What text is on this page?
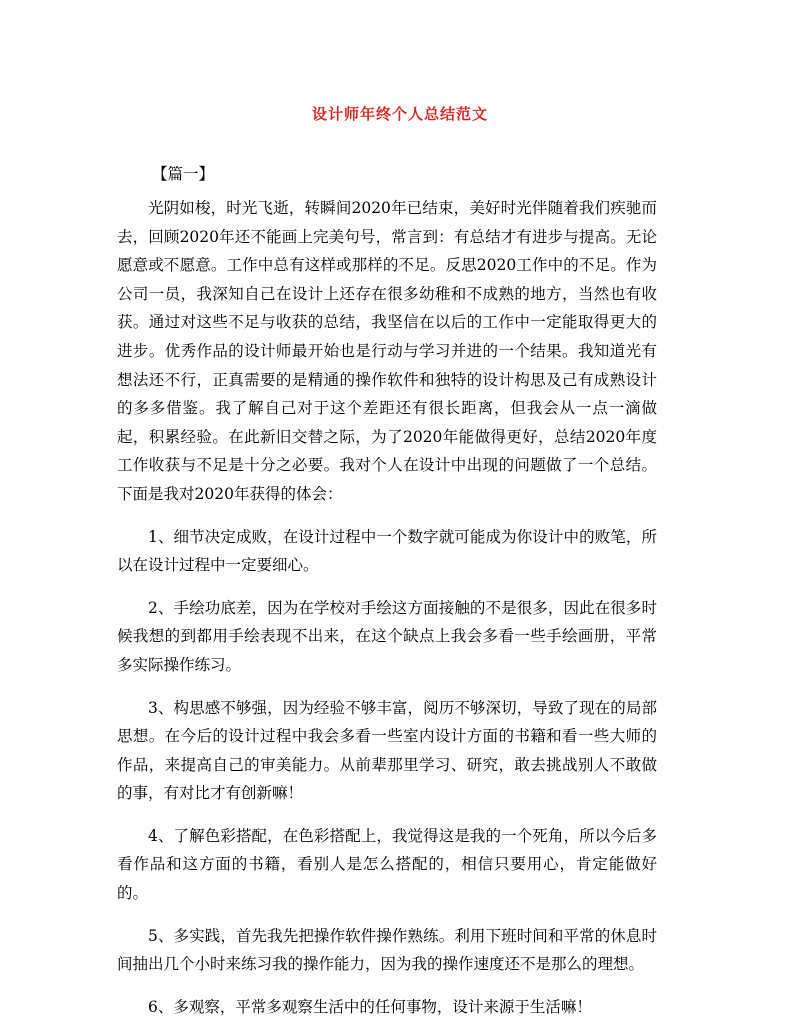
设计师年终个人总结范文
【篇一】

光阴如梭，时光飞逝，转瞬间2020年已结束，美好时光伴随着我们疾驰而去，回顾2020年还不能画上完美句号，常言到：有总结才有进步与提高。无论愿意或不愿意。工作中总有这样或那样的不足。反思2020工作中的不足。作为公司一员，我深知自己在设计上还存在很多幼稚和不成熟的地方，当然也有收获。通过对这些不足与收获的总结，我坚信在以后的工作中一定能取得更大的进步。优秀作品的设计师最开始也是行动与学习并进的一个结果。我知道光有想法还不行，正真需要的是精通的操作软件和独特的设计构思及己有成熟设计的多多借鉴。我了解自己对于这个差距还有很长距离，但我会从一点一滴做起，积累经验。在此新旧交替之际，为了2020年能做得更好，总结2020年度工作收获与不足是十分之必要。我对个人在设计中出现的问题做了一个总结。下面是我对2020年获得的体会：

1、细节决定成败，在设计过程中一个数字就可能成为你设计中的败笔，所以在设计过程中一定要细心。

2、手绘功底差，因为在学校对手绘这方面接触的不是很多，因此在很多时候我想的到都用手绘表现不出来，在这个缺点上我会多看一些手绘画册，平常多实际操作练习。

3、构思感不够强，因为经验不够丰富，阅历不够深切，导致了现在的局部思想。在今后的设计过程中我会多看一些室内设计方面的书籍和看一些大师的作品，来提高自己的审美能力。从前辈那里学习、研究，敢去挑战别人不敢做的事，有对比才有创新嘛！

4、了解色彩搭配，在色彩搭配上，我觉得这是我的一个死角，所以今后多看作品和这方面的书籍，看别人是怎么搭配的，相信只要用心，肯定能做好的。

5、多实践，首先我先把操作软件操作熟练。利用下班时间和平常的休息时间抽出几个小时来练习我的操作能力，因为我的操作速度还不是那么的理想。

6、多观察，平常多观察生活中的任何事物，设计来源于生活嘛！
